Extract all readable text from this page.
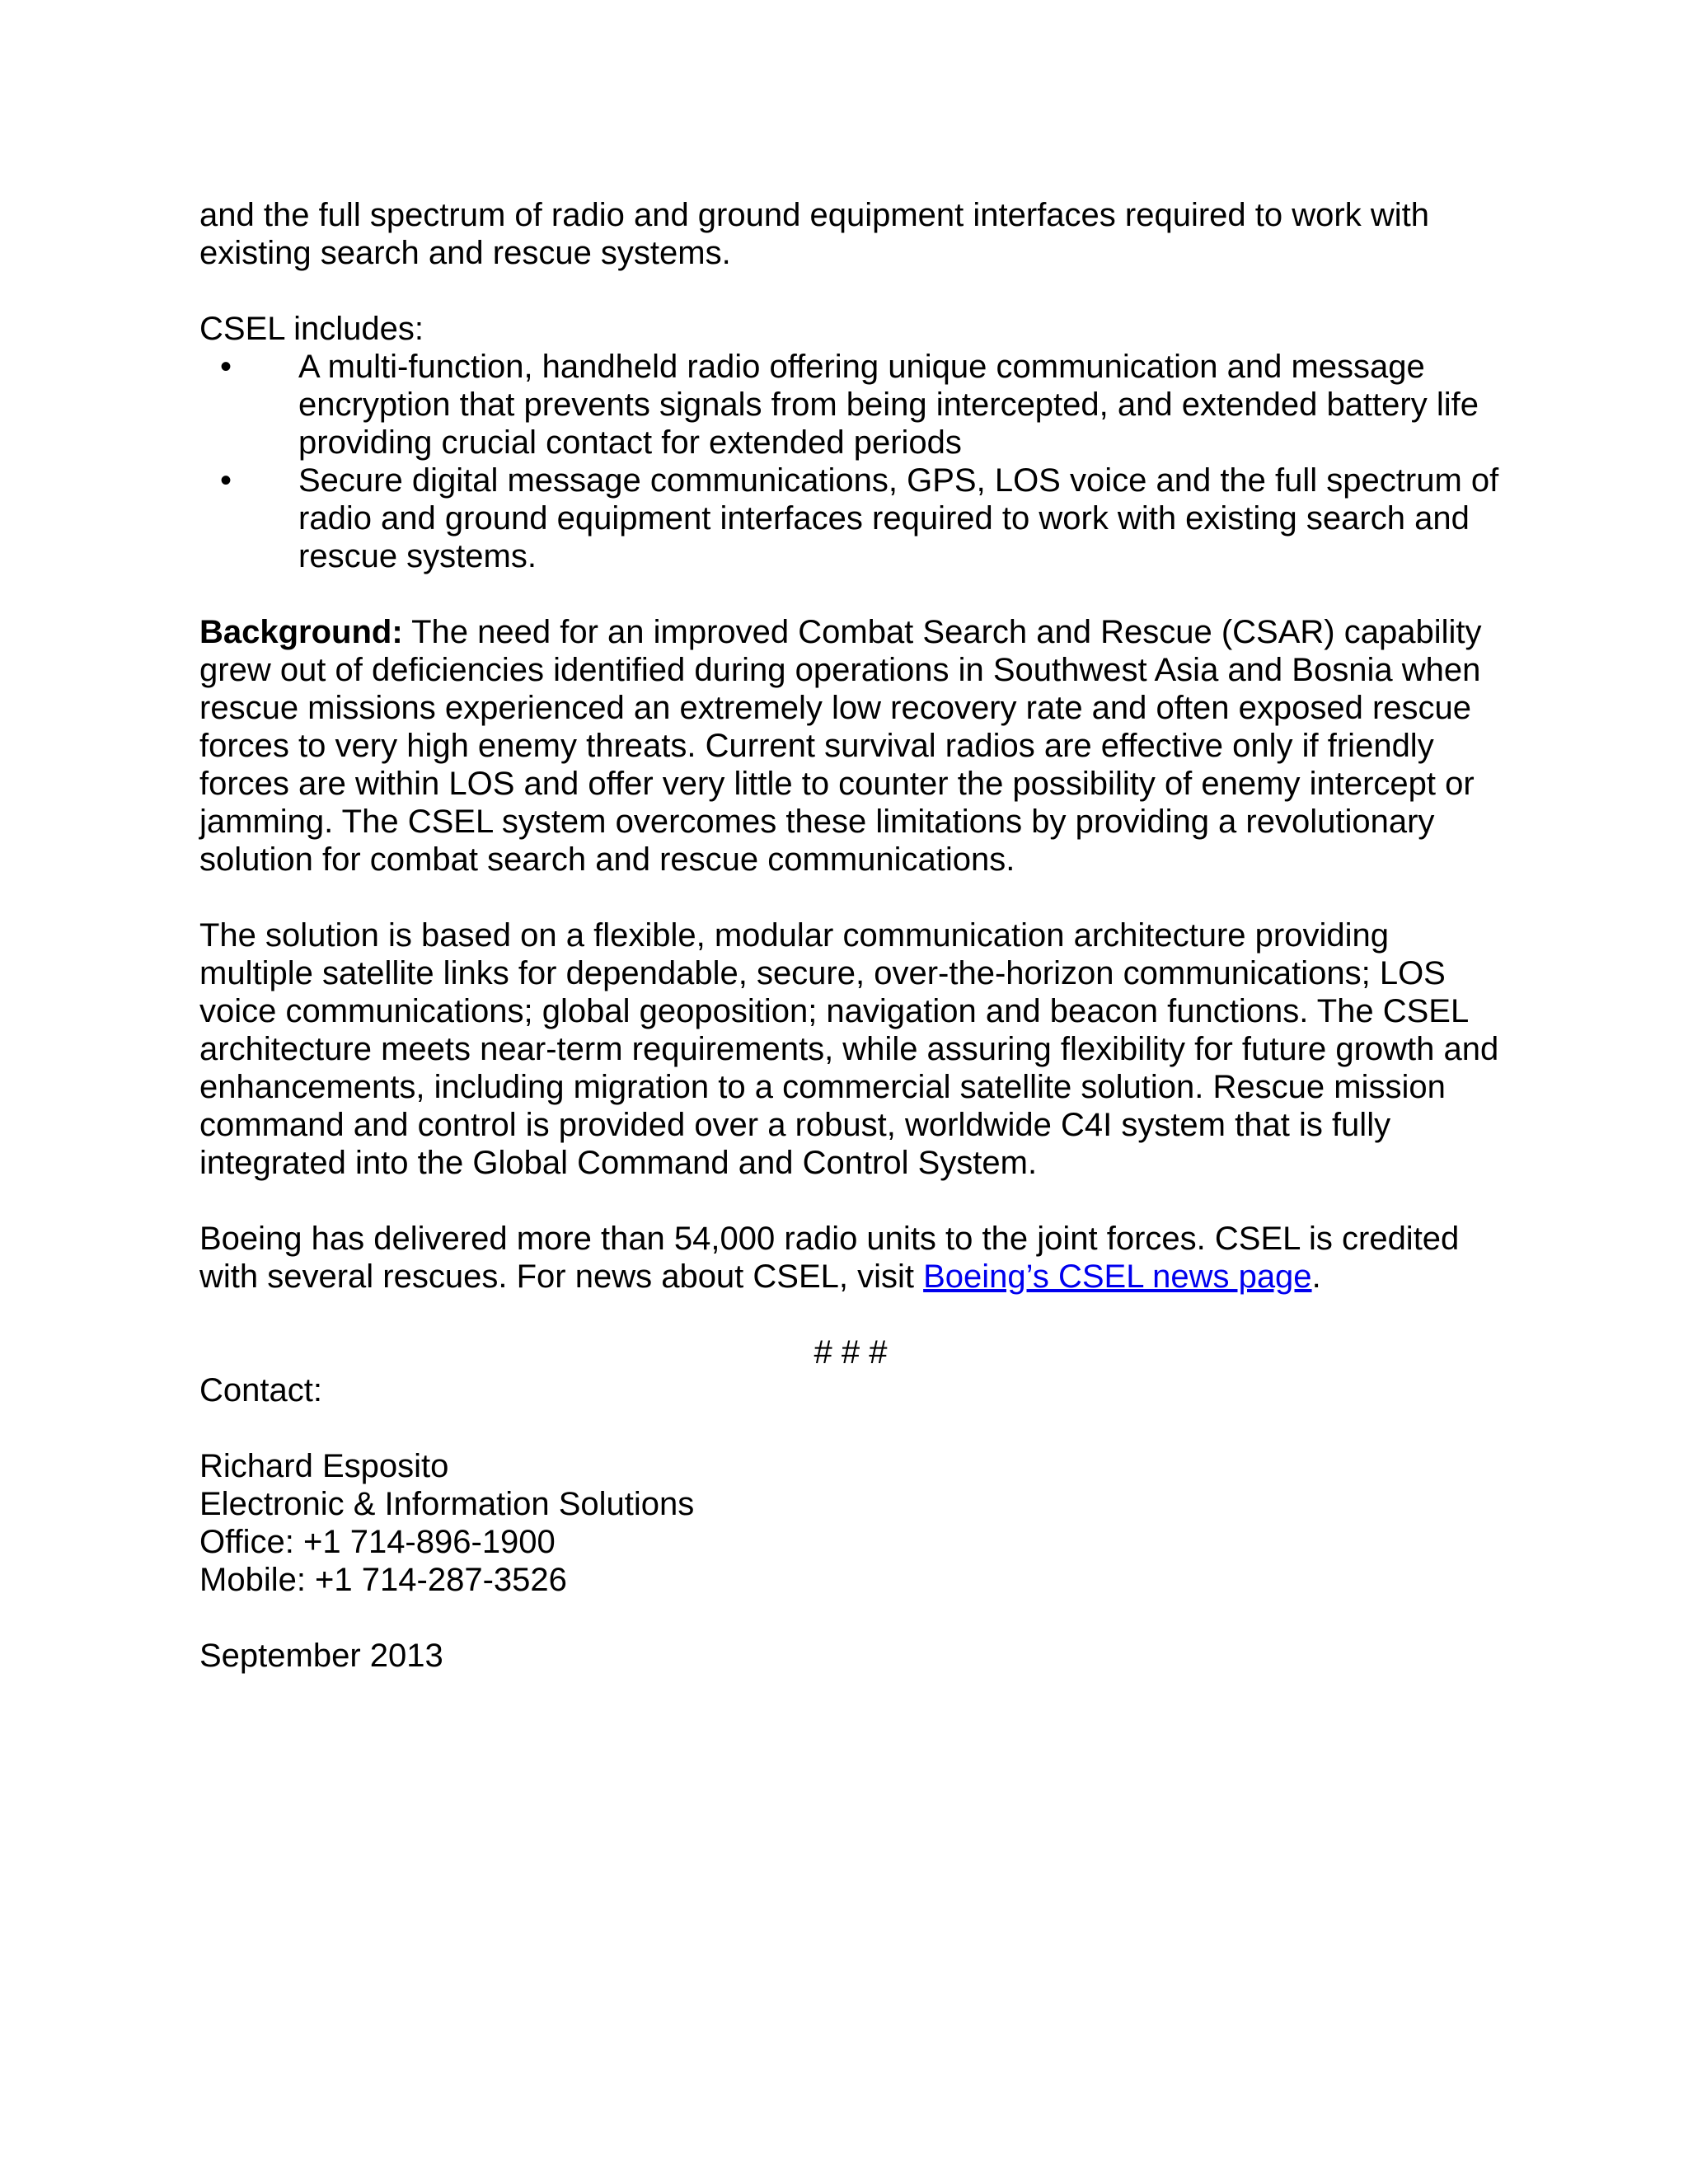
and the full spectrum of radio and ground equipment interfaces required to work with existing search and rescue systems.

CSEL includes:

•	A multi-function, handheld radio offering unique communication and message encryption that prevents signals from being intercepted, and extended battery life providing crucial contact for extended periods
•	Secure digital message communications, GPS, LOS voice and the full spectrum of radio and ground equipment interfaces required to work with existing search and rescue systems.

Background: The need for an improved Combat Search and Rescue (CSAR) capability grew out of deficiencies identified during operations in Southwest Asia and Bosnia when rescue missions experienced an extremely low recovery rate and often exposed rescue forces to very high enemy threats. Current survival radios are effective only if friendly forces are within LOS and offer very little to counter the possibility of enemy intercept or jamming. The CSEL system overcomes these limitations by providing a revolutionary solution for combat search and rescue communications.

The solution is based on a flexible, modular communication architecture providing multiple satellite links for dependable, secure, over-the-horizon communications; LOS voice communications; global geoposition; navigation and beacon functions. The CSEL architecture meets near-term requirements, while assuring flexibility for future growth and enhancements, including migration to a commercial satellite solution. Rescue mission command and control is provided over a robust, worldwide C4I system that is fully integrated into the Global Command and Control System.

Boeing has delivered more than 54,000 radio units to the joint forces. CSEL is credited with several rescues. For news about CSEL, visit Boeing’s CSEL news page.

# # #

Contact:

Richard Esposito
Electronic & Information Solutions
Office: +1 714-896-1900
Mobile: +1 714-287-3526

September 2013
